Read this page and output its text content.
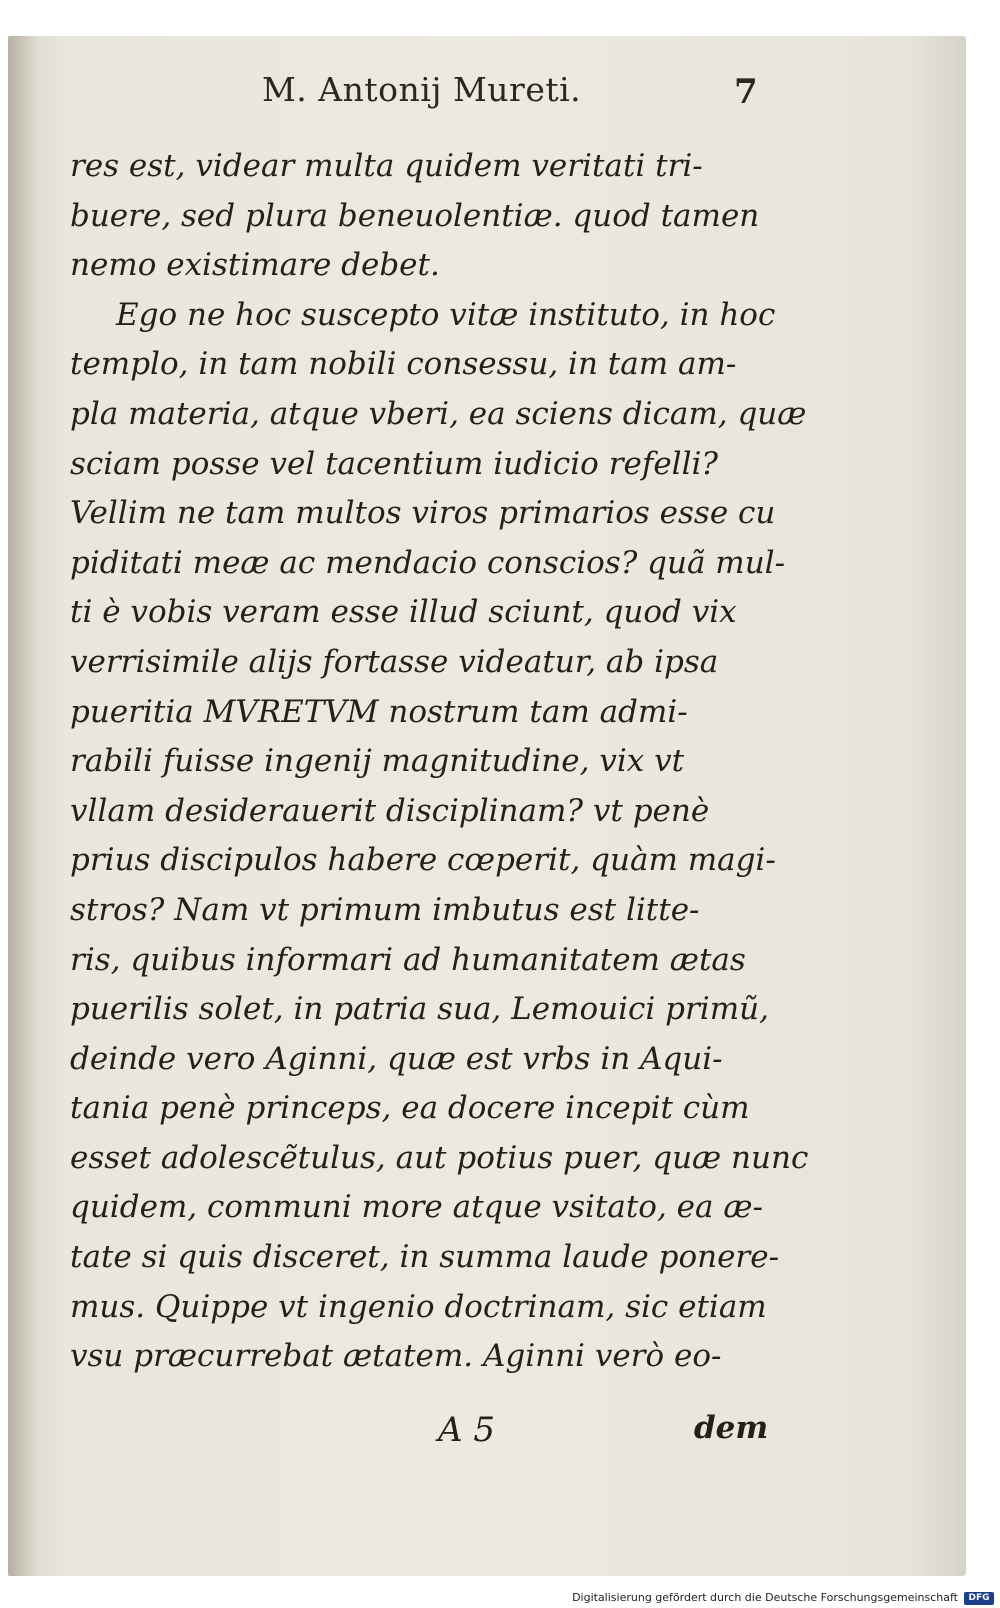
M. Antonij Mureti.	7
res est, videar multa quidem veritati tri-
buere, sed plura beneuolentiæ. quod tamen
nemo existimare debet.
Ego ne hoc suscepto vitæ instituto, in hoc
templo, in tam nobili consessu, in tam am-
pla materia, atque vberi, ea sciens dicam, quæ
sciam posse vel tacentium iudicio refelli?
Vellim ne tam multos viros primarios esse cu
piditati meæ ac mendacio conscios? quã mul-
ti è vobis veram esse illud sciunt, quod vix
verrisimile alijs fortasse videatur, ab ipsa
pueritia MVRETVM nostrum tam admi-
rabili fuisse ingenij magnitudine, vix vt
vllam desiderauerit disciplinam? vt penè
prius discipulos habere cœperit, quàm magi-
stros? Nam vt primum imbutus est litte-
ris, quibus informari ad humanitatem ætas
puerilis solet, in patria sua, Lemouici primũ,
deinde vero Aginni, quæ est vrbs in Aqui-
tania penè princeps, ea docere incepit cùm
esset adolescẽtulus, aut potius puer, quæ nunc
quidem, communi more atque vsitato, ea æ-
tate si quis disceret, in summa laude ponere-
mus. Quippe vt ingenio doctrinam, sic etiam
vsu præcurrebat ætatem. Aginni verò eo-
A 5	dem
Digitalisierung gefördert durch die Deutsche Forschungsgemeinschaft	DFG
